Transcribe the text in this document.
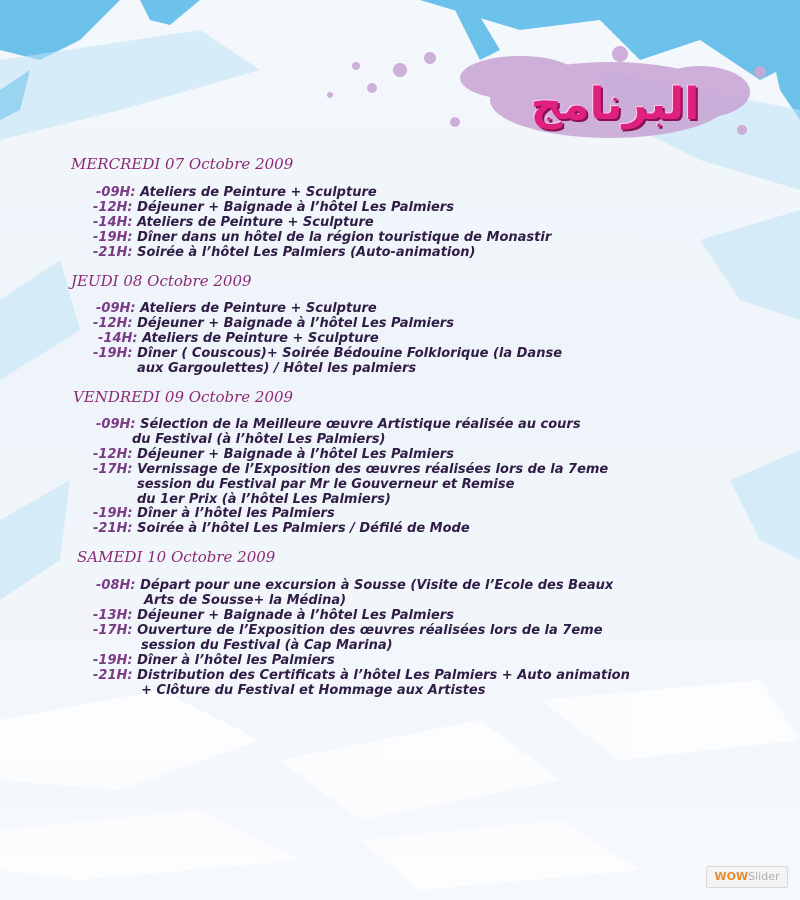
البرنامج
MERCREDI 07 Octobre 2009
-09H: Ateliers de Peinture + Sculpture
-12H: Déjeuner + Baignade à l’hôtel Les Palmiers
-14H: Ateliers de Peinture + Sculpture
-19H: Dîner dans un hôtel de la région touristique de Monastir
-21H: Soirée à l’hôtel Les Palmiers (Auto-animation)
JEUDI 08 Octobre 2009
-09H: Ateliers de Peinture + Sculpture
-12H: Déjeuner + Baignade à l’hôtel Les Palmiers
-14H: Ateliers de Peinture + Sculpture
-19H: Dîner ( Couscous)+ Soirée Bédouine Folklorique (la Danse
aux Gargoulettes) / Hôtel les palmiers
VENDREDI 09 Octobre 2009
-09H: Sélection de la Meilleure œuvre Artistique réalisée au cours
du Festival (à l’hôtel Les Palmiers)
-12H: Déjeuner + Baignade à l’hôtel Les Palmiers
-17H: Vernissage de l’Exposition des œuvres réalisées lors de la 7eme
session du Festival par Mr le Gouverneur et Remise
du 1er Prix (à l’hôtel Les Palmiers)
-19H: Dîner à l’hôtel les Palmiers
-21H: Soirée à l’hôtel Les Palmiers / Défilé de Mode
SAMEDI 10 Octobre 2009
-08H: Départ pour une excursion à Sousse (Visite de l’Ecole des Beaux
Arts de Sousse+ la Médina)
-13H: Déjeuner + Baignade à l’hôtel Les Palmiers
-17H: Ouverture de l’Exposition des œuvres réalisées lors de la 7eme
session du Festival (à Cap Marina)
-19H: Dîner à l’hôtel les Palmiers
-21H: Distribution des Certificats à l’hôtel Les Palmiers + Auto animation
+ Clôture du Festival et Hommage aux Artistes
WOWSlider
